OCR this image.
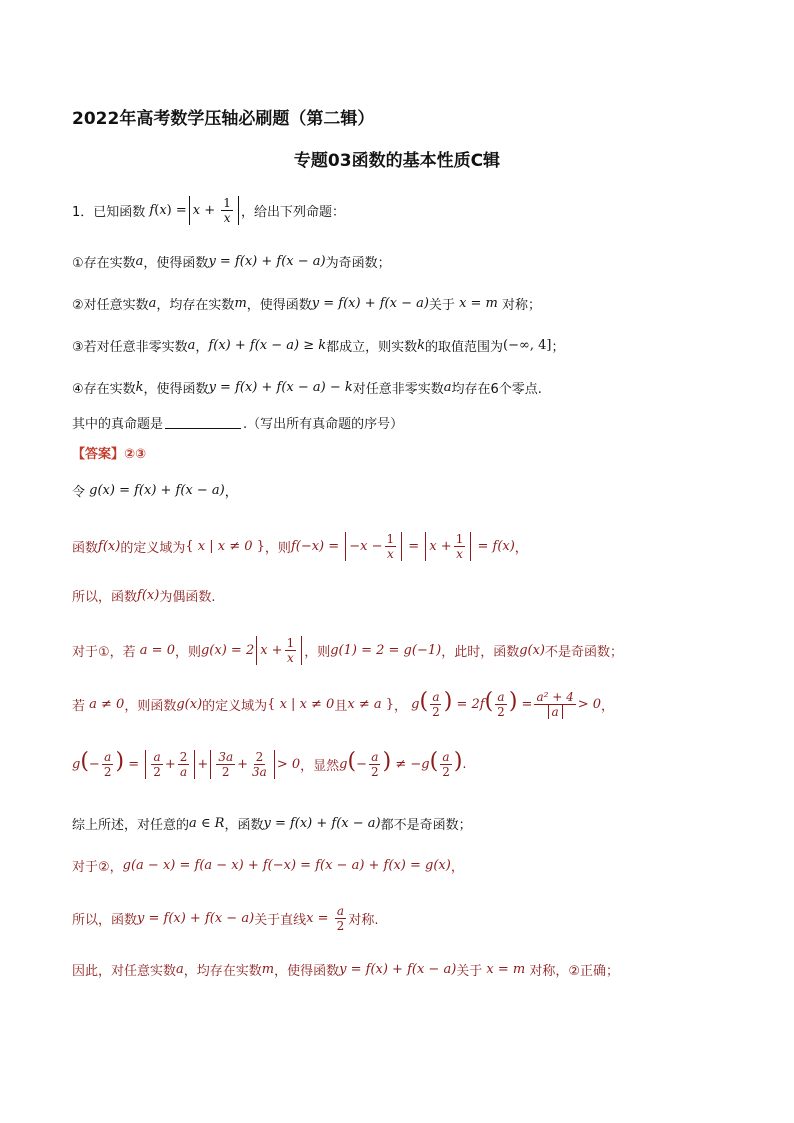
2022年高考数学压轴必刷题（第二辑）
专题03函数的基本性质C辑
1．已知函数 $f(x) = x + \frac{1}{x}$ ，给出下列命题：
①存在实数 a ，使得函数 y = f(x) + f(x − a) 为奇函数；
②对任意实数 a ，均存在实数 m ，使得函数 y = f(x) + f(x − a) 关于 x = m 对称；
③若对任意非零实数 a ， f(x) + f(x − a) ≥ k 都成立，则实数 k 的取值范围为 (−∞, 4] ；
④存在实数 k ，使得函数 y = f(x) + f(x − a) − k 对任意非零实数 a 均存在6个零点.
其中的真命题是	.（写出所有真命题的序号）
【答案】②③
令 g(x) = f(x) + f(x − a) ，
函数 f(x) 的定义域为 { x | x ≠ 0 } ，则 $f(-x) = -x - \frac{1}{x} = x + \frac{1}{x} = f(x)$ ，
所以，函数 f(x) 为偶函数.
对于①，若 a = 0 ，则 g(x) = 2 $x + \frac{1}{x}$ ，则 g(1) = 2 = g(−1) ，此时，函数 g(x) 不是奇函数；
若 a ≠ 0 ，则函数 g(x) 的定义域为 { x | x ≠ 0 且 x ≠ a } ， $g( \frac{a}{2}$ ) = $2f( \frac{a}{2}$ ) = $\frac{\text{a² + 4}}{a} > 0$ ，
$g(- \frac{a}{2}$ ) = $\frac{a}{2} + \frac{2}{a} + \frac{3a}{2} + \frac{2}{3a} > 0$ ， 显然 $g(- \frac{a}{2}$ ) ≠ $-g( \frac{a}{2}$ ) .
综上所述，对任意的 a ∈ R ，函数 y = f(x) + f(x − a) 都不是奇函数；
对于②， g(a − x) = f(a − x) + f(−x) = f(x − a) + f(x) = g(x) ，
所以，函数 y = f(x) + f(x − a) 关于直线 $x = \frac{a}{2}$ 对称.
因此，对任意实数 a ，均存在实数 m ，使得函数 y = f(x) + f(x − a) 关于 x = m 对称，②正确；
